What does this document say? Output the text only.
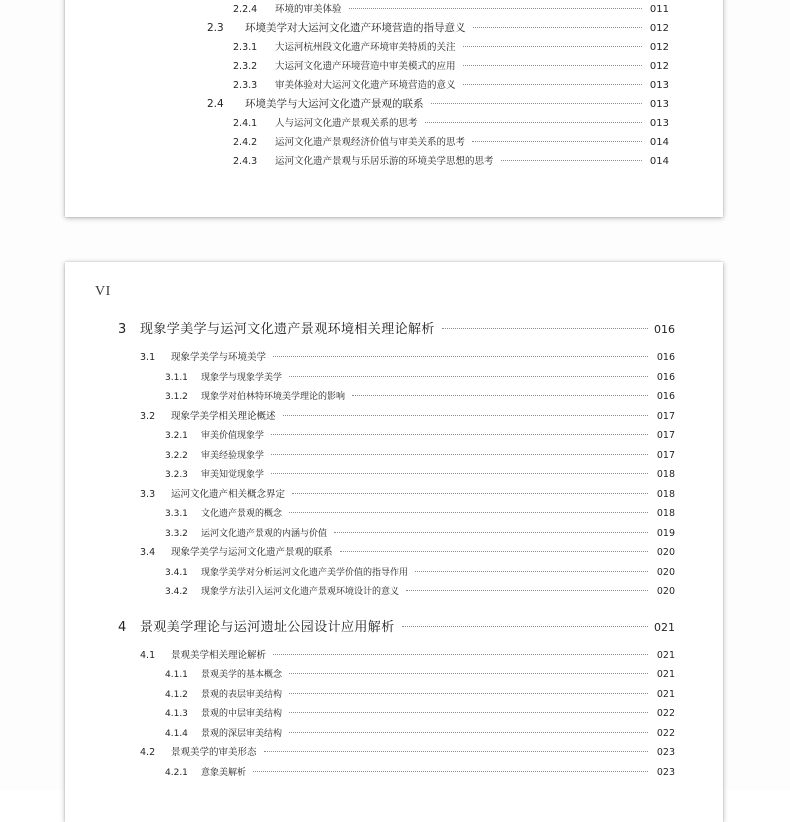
2.2.4	环境的审美体验	011
2.3	环境美学对大运河文化遗产环境营造的指导意义	012
2.3.1	大运河杭州段文化遗产环境审美特质的关注	012
2.3.2	大运河文化遗产环境营造中审美模式的应用	012
2.3.3	审美体验对大运河文化遗产环境营造的意义	013
2.4	环境美学与大运河文化遗产景观的联系	013
2.4.1	人与运河文化遗产景观关系的思考	013
2.4.2	运河文化遗产景观经济价值与审美关系的思考	014
2.4.3	运河文化遗产景观与乐居乐游的环境美学思想的思考	014
VI
3	现象学美学与运河文化遗产景观环境相关理论解析	016
3.1	现象学美学与环境美学	016
3.1.1	现象学与现象学美学	016
3.1.2	现象学对伯林特环境美学理论的影响	016
3.2	现象学美学相关理论概述	017
3.2.1	审美价值现象学	017
3.2.2	审美经验现象学	017
3.2.3	审美知觉现象学	018
3.3	运河文化遗产相关概念界定	018
3.3.1	文化遗产景观的概念	018
3.3.2	运河文化遗产景观的内涵与价值	019
3.4	现象学美学与运河文化遗产景观的联系	020
3.4.1	现象学美学对分析运河文化遗产美学价值的指导作用	020
3.4.2	现象学方法引入运河文化遗产景观环境设计的意义	020
4	景观美学理论与运河遗址公园设计应用解析	021
4.1	景观美学相关理论解析	021
4.1.1	景观美学的基本概念	021
4.1.2	景观的表层审美结构	021
4.1.3	景观的中层审美结构	022
4.1.4	景观的深层审美结构	022
4.2	景观美学的审美形态	023
4.2.1	意象美解析	023
